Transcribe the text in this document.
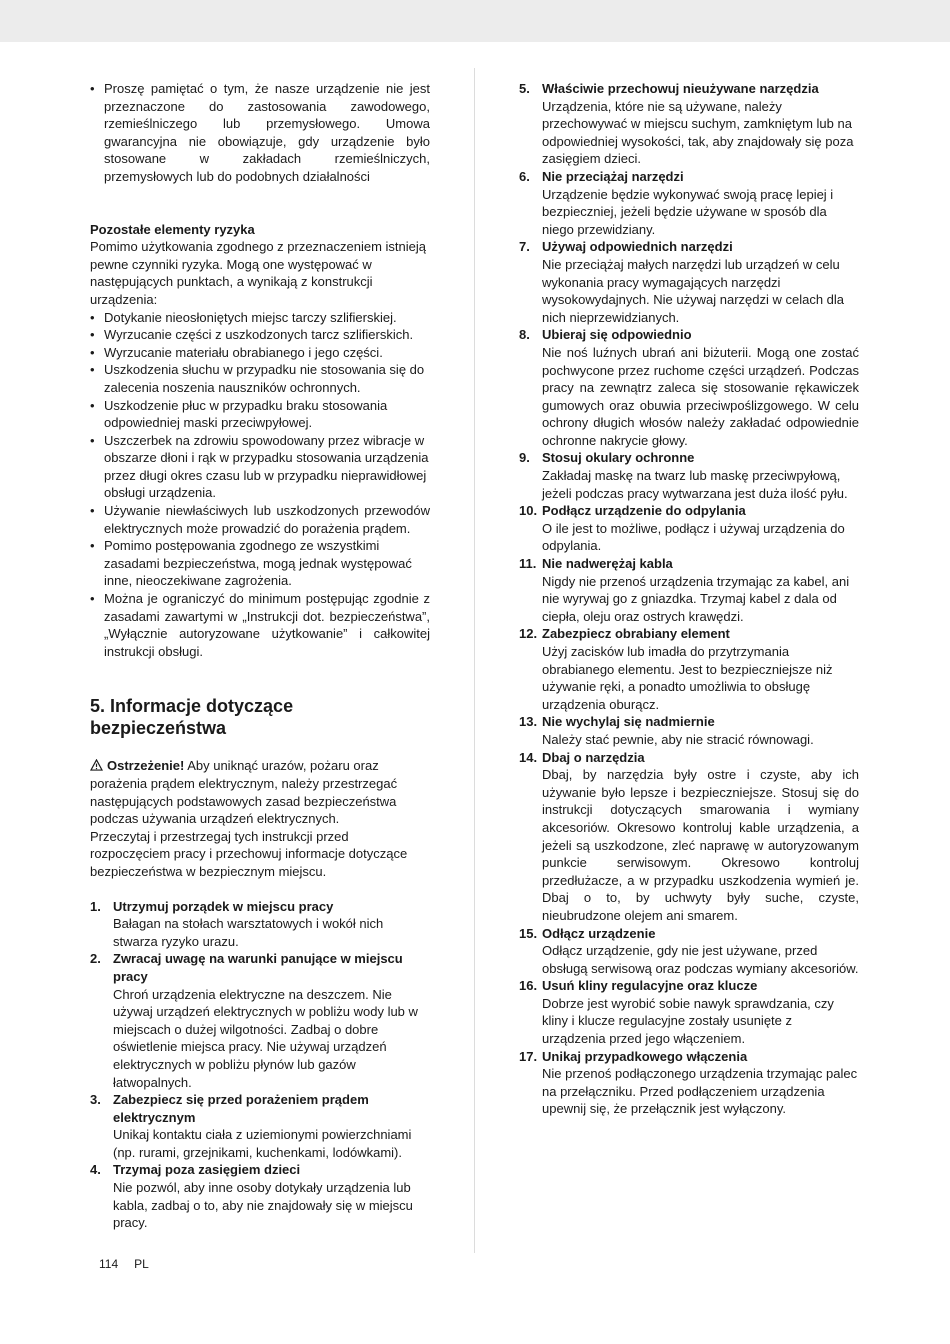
• Proszę pamiętać o tym, że nasze urządzenie nie jest przeznaczone do zastosowania zawodowego, rzemieślniczego lub przemysłowego. Umowa gwarancyjna nie obowiązuje, gdy urządzenie było stosowane w zakładach rzemieślniczych, przemysłowych lub do podobnych działalności

Pozostałe elementy ryzyka

Pomimo użytkowania zgodnego z przeznaczeniem istnieją pewne czynniki ryzyka. Mogą one występować w następujących punktach, a wynikają z konstrukcji urządzenia:

• Dotykanie nieosłoniętych miejsc tarczy szlifierskiej.
• Wyrzucanie części z uszkodzonych tarcz szlifierskich.
• Wyrzucanie materiału obrabianego i jego części.
• Uszkodzenia słuchu w przypadku nie stosowania się do zalecenia noszenia nauszników ochronnych.
• Uszkodzenie płuc w przypadku braku stosowania odpowiedniej maski przeciwpyłowej.
• Uszczerbek na zdrowiu spowodowany przez wibracje w obszarze dłoni i rąk w przypadku stosowania urządzenia przez długi okres czasu lub w przypadku nieprawidłowej obsługi urządzenia.
• Używanie niewłaściwych lub uszkodzonych przewodów elektrycznych może prowadzić do porażenia prądem.
• Pomimo postępowania zgodnego ze wszystkimi zasadami bezpieczeństwa, mogą jednak występować inne, nieoczekiwane zagrożenia.
• Można je ograniczyć do minimum postępując zgodnie z zasadami zawartymi w „Instrukcji dot. bezpieczeństwa”, „Wyłącznie autoryzowane użytkowanie” i całkowitej instrukcji obsługi.
5. Informacje dotyczące bezpieczeństwa

Ostrzeżenie! Aby uniknąć urazów, pożaru oraz porażenia prądem elektrycznym, należy przestrzegać następujących podstawowych zasad bezpieczeństwa podczas używania urządzeń elektrycznych.

Przeczytaj i przestrzegaj tych instrukcji przed rozpoczęciem pracy i przechowuj informacje dotyczące bezpieczeństwa w bezpiecznym miejscu.

1. Utrzymuj porządek w miejscu pracy
Bałagan na stołach warsztatowych i wokół nich stwarza ryzyko urazu.
2. Zwracaj uwagę na warunki panujące w miejscu pracy
Chroń urządzenia elektryczne na deszczem. Nie używaj urządzeń elektrycznych w pobliżu wody lub w miejscach o dużej wilgotności. Zadbaj o dobre oświetlenie miejsca pracy. Nie używaj urządzeń elektrycznych w pobliżu płynów lub gazów łatwopalnych.
3. Zabezpiecz się przed porażeniem prądem elektrycznym
Unikaj kontaktu ciała z uziemionymi powierzchniami (np. rurami, grzejnikami, kuchenkami, lodówkami).
4. Trzymaj poza zasięgiem dzieci
Nie pozwól, aby inne osoby dotykały urządzenia lub kabla, zadbaj o to, aby nie znajdowały się w miejscu pracy.
5. Właściwie przechowuj nieużywane narzędzia
Urządzenia, które nie są używane, należy przechowywać w miejscu suchym, zamkniętym lub na odpowiedniej wysokości, tak, aby znajdowały się poza zasięgiem dzieci.
6. Nie przeciążaj narzędzi
Urządzenie będzie wykonywać swoją pracę lepiej i bezpieczniej, jeżeli będzie używane w sposób dla niego przewidziany.
7. Używaj odpowiednich narzędzi
Nie przeciążaj małych narzędzi lub urządzeń w celu wykonania pracy wymagających narzędzi wysokowydajnych. Nie używaj narzędzi w celach dla nich nieprzewidzianych.
8. Ubieraj się odpowiednio
Nie noś luźnych ubrań ani biżuterii. Mogą one zostać pochwycone przez ruchome części urządzeń. Podczas pracy na zewnątrz zaleca się stosowanie rękawiczek gumowych oraz obuwia przeciwpoślizgowego. W celu ochrony długich włosów należy zakładać odpowiednie ochronne nakrycie głowy.
9. Stosuj okulary ochronne
Zakładaj maskę na twarz lub maskę przeciwpyłową, jeżeli podczas pracy wytwarzana jest duża ilość pyłu.
10. Podłącz urządzenie do odpylania
O ile jest to możliwe, podłącz i używaj urządzenia do odpylania.
11. Nie nadwerężaj kabla
Nigdy nie przenoś urządzenia trzymając za kabel, ani nie wyrywaj go z gniazdka. Trzymaj kabel z dala od ciepła, oleju oraz ostrych krawędzi.
12. Zabezpiecz obrabiany element
Użyj zacisków lub imadła do przytrzymania obrabianego elementu. Jest to bezpieczniejsze niż używanie ręki, a ponadto umożliwia to obsługę urządzenia oburącz.
13. Nie wychylaj się nadmiernie
Należy stać pewnie, aby nie stracić równowagi.
14. Dbaj o narzędzia
Dbaj, by narzędzia były ostre i czyste, aby ich używanie było lepsze i bezpieczniejsze. Stosuj się do instrukcji dotyczących smarowania i wymiany akcesoriów. Okresowo kontroluj kable urządzenia, a jeżeli są uszkodzone, zleć naprawę w autoryzowanym punkcie serwisowym. Okresowo kontroluj przedłużacze, a w przypadku uszkodzenia wymień je. Dbaj o to, by uchwyty były suche, czyste, nieubrudzone olejem ani smarem.
15. Odłącz urządzenie
Odłącz urządzenie, gdy nie jest używane, przed obsługą serwisową oraz podczas wymiany akcesoriów.
16. Usuń kliny regulacyjne oraz klucze
Dobrze jest wyrobić sobie nawyk sprawdzania, czy kliny i klucze regulacyjne zostały usunięte z urządzenia przed jego włączeniem.
17. Unikaj przypadkowego włączenia
Nie przenoś podłączonego urządzenia trzymając palec na przełączniku. Przed podłączeniem urządzenia upewnij się, że przełącznik jest wyłączony.
114 PL
